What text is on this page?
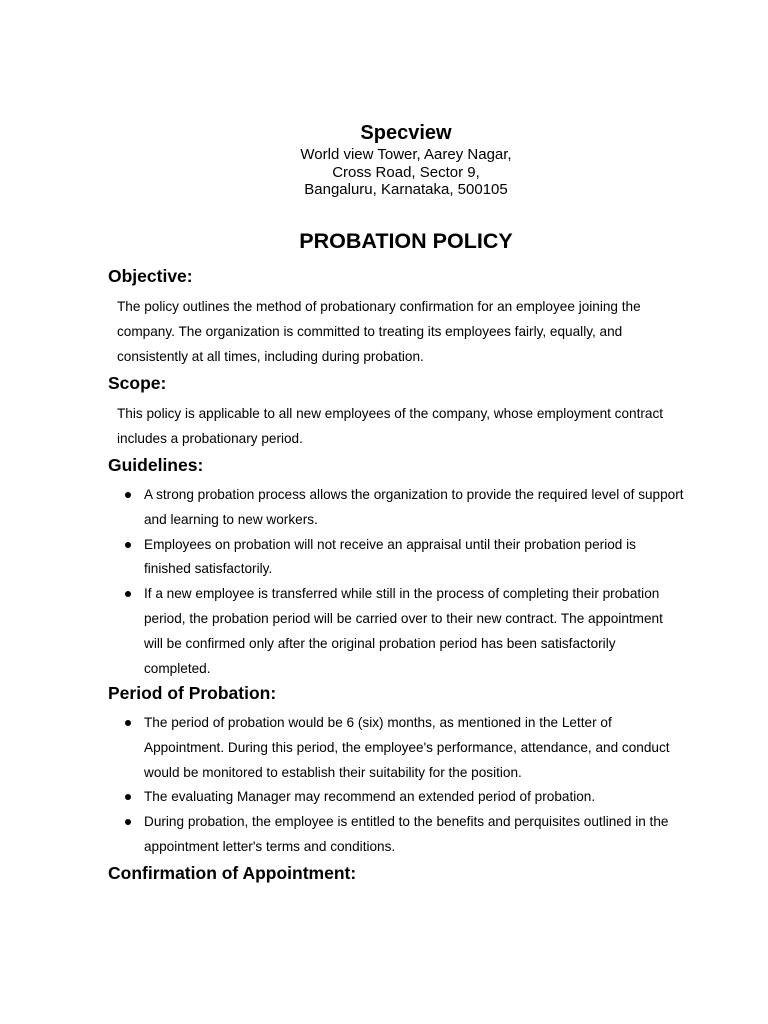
Specview

World view Tower, Aarey Nagar,

Cross Road, Sector 9,

Bangaluru, Karnataka, 500105

PROBATION POLICY
Objective:

The policy outlines the method of probationary confirmation for an employee joining the company. The organization is committed to treating its employees fairly, equally, and consistently at all times, including during probation.

Scope:

This policy is applicable to all new employees of the company, whose employment contract includes a probationary period.

Guidelines:
A strong probation process allows the organization to provide the required level of support and learning to new workers.
Employees on probation will not receive an appraisal until their probation period is finished satisfactorily.
If a new employee is transferred while still in the process of completing their probation period, the probation period will be carried over to their new contract. The appointment will be confirmed only after the original probation period has been satisfactorily completed.
Period of Probation:
The period of probation would be 6 (six) months, as mentioned in the Letter of Appointment. During this period, the employee's performance, attendance, and conduct would be monitored to establish their suitability for the position.
The evaluating Manager may recommend an extended period of probation.
During probation, the employee is entitled to the benefits and perquisites outlined in the appointment letter's terms and conditions.
Confirmation of Appointment:
